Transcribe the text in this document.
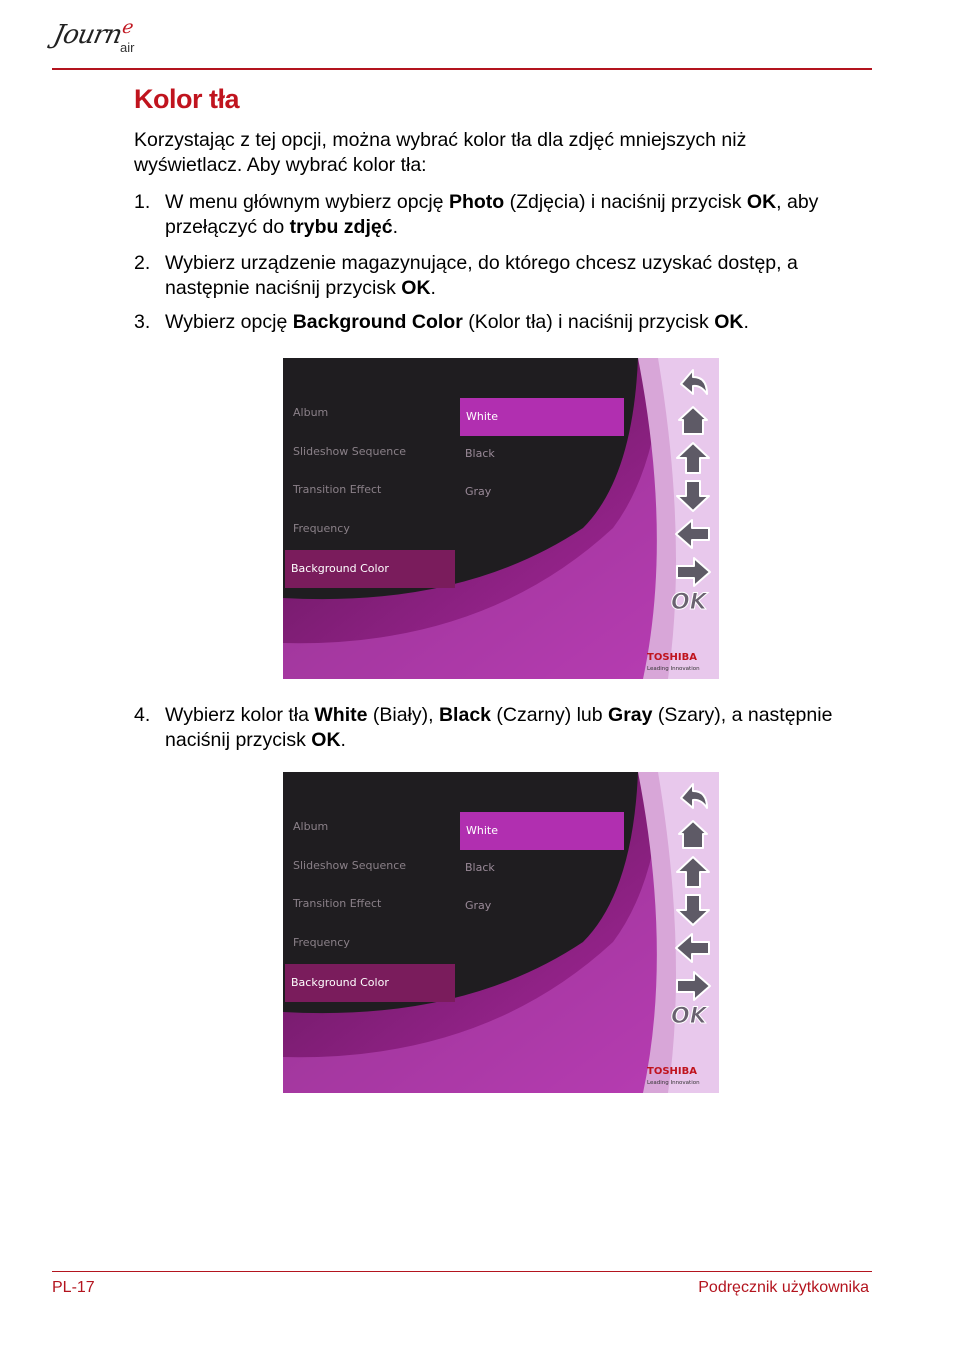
Journ$^e$
air
Kolor tła

Korzystając z tej opcji, można wybrać kolor tła dla zdjęć mniejszych niż wyświetlacz. Aby wybrać kolor tła:

1. W menu głównym wybierz opcję Photo (Zdjęcia) i naciśnij przycisk OK, aby przełączyć do trybu zdjęć.
2. Wybierz urządzenie magazynujące, do którego chcesz uzyskać dostęp, a następnie naciśnij przycisk OK.
3. Wybierz opcję Background Color (Kolor tła) i naciśnij przycisk OK.
Album
Slideshow Sequence
Transition Effect
Frequency
Background Color
White
Black
Gray
OK
TOSHIBA
Leading Innovation
4. Wybierz kolor tła White (Biały), Black (Czarny) lub Gray (Szary), a następnie naciśnij przycisk OK.
Album
Slideshow Sequence
Transition Effect
Frequency
Background Color
White
Black
Gray
OK
TOSHIBA
Leading Innovation
PL-17	Podręcznik użytkownika
